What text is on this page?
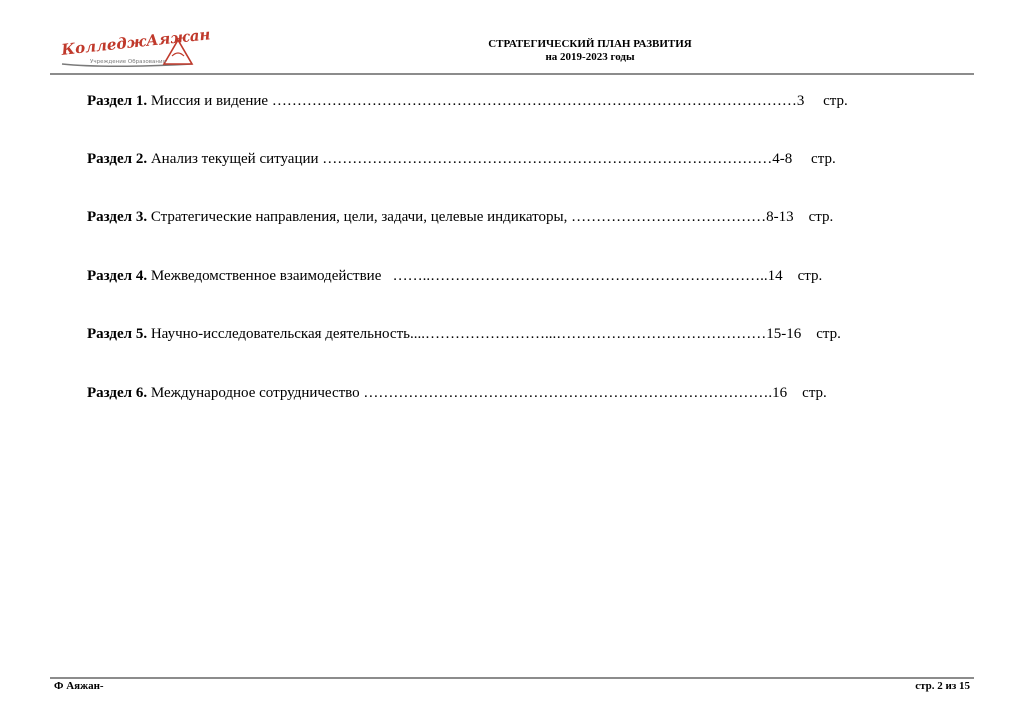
КолледжАяжан
Учреждение Образования
СТРАТЕГИЧЕСКИЙ ПЛАН РАЗВИТИЯ
на 2019-2023 годы
Раздел 1. Миссия и видение ……………………………………………………………………………………………3 стр.
Раздел 2. Анализ текущей ситуации ………………………………………………………………………………4-8 стр.
Раздел 3. Стратегические направления, цели, задачи, целевые индикаторы, …………………………………8-13 стр.
Раздел 4. Межведомственное взаимодействие ……..…………………………………………………………..14 стр.
Раздел 5. Научно-исследовательская деятельность....……………………...……………………………………15-16 стр.
Раздел 6. Международное сотрудничество ……………………………………………………………………….16 стр.
Ф Аяжан-	стр. 2 из 15
